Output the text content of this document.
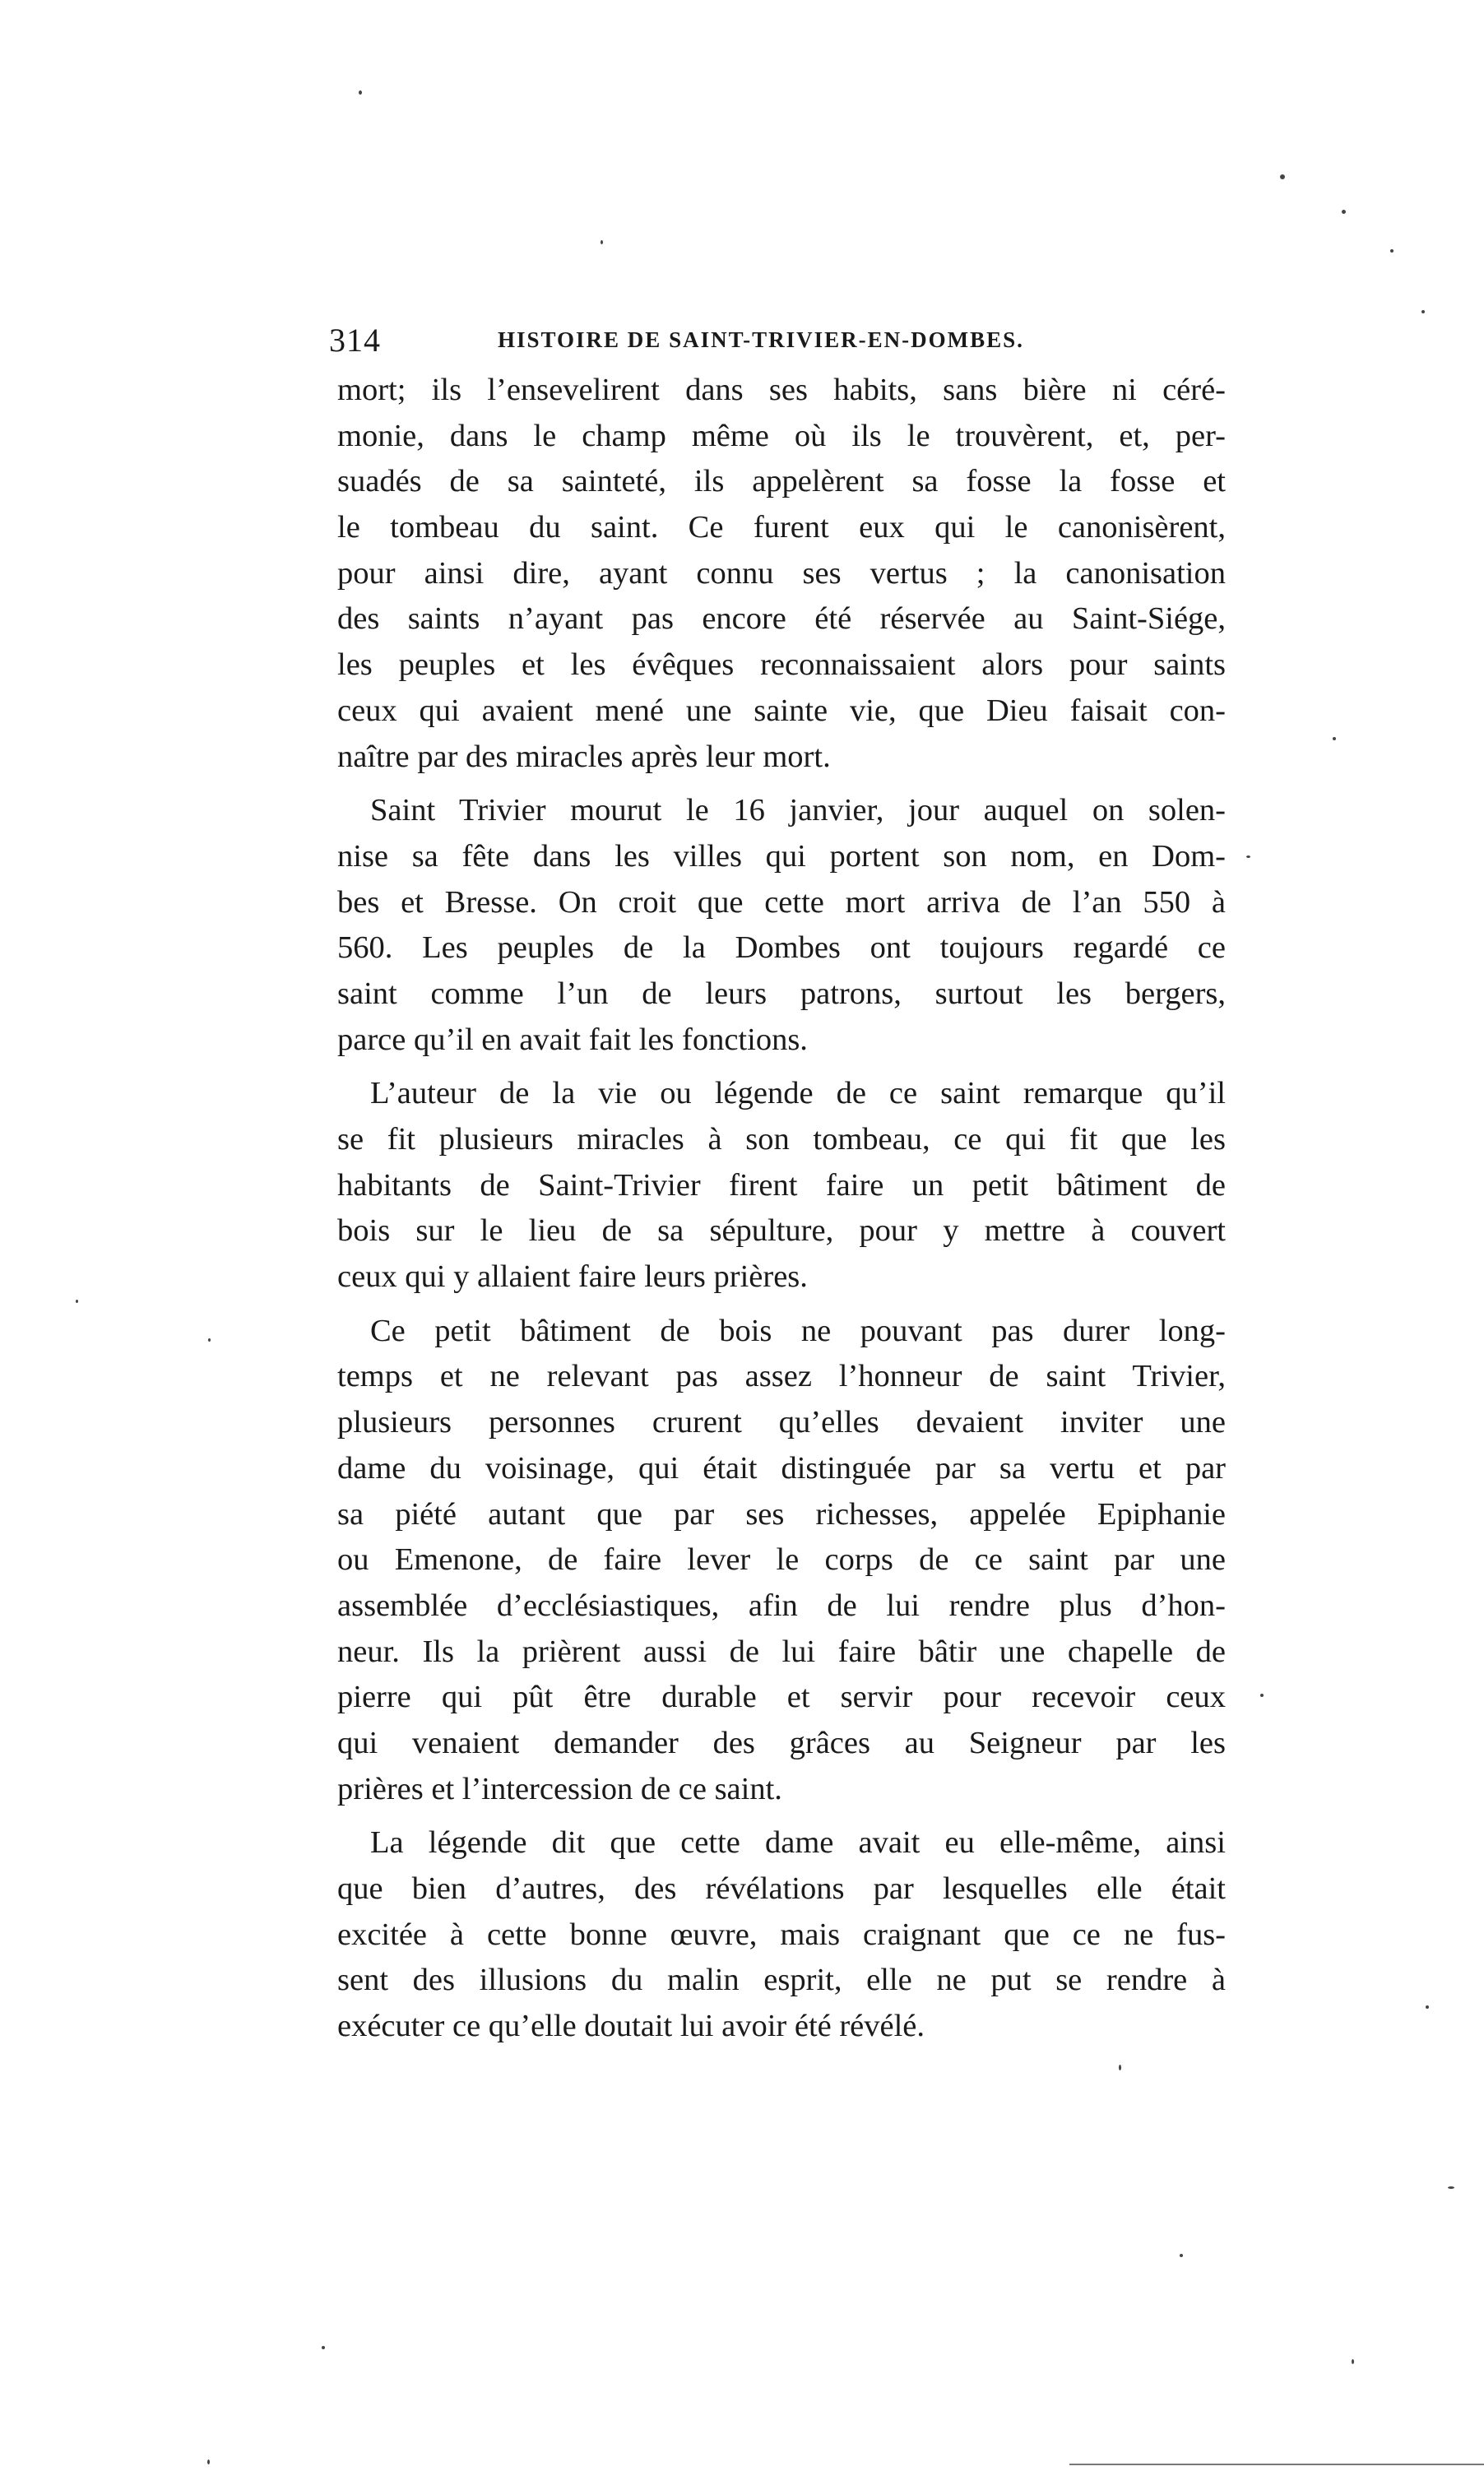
314	HISTOIRE DE SAINT-TRIVIER-EN-DOMBES.
mort; ils l’ensevelirent dans ses habits, sans bière ni céré-
monie, dans le champ même où ils le trouvèrent, et, per-
suadés de sa sainteté, ils appelèrent sa fosse la fosse et
le tombeau du saint. Ce furent eux qui le canonisèrent,
pour ainsi dire, ayant connu ses vertus ; la canonisation
des saints n’ayant pas encore été réservée au Saint-Siége,
les peuples et les évêques reconnaissaient alors pour saints
ceux qui avaient mené une sainte vie, que Dieu faisait con-
naître par des miracles après leur mort.
Saint Trivier mourut le 16 janvier, jour auquel on solen-
nise sa fête dans les villes qui portent son nom, en Dom-
bes et Bresse. On croit que cette mort arriva de l’an 550 à
560. Les peuples de la Dombes ont toujours regardé ce
saint comme l’un de leurs patrons, surtout les bergers,
parce qu’il en avait fait les fonctions.
L’auteur de la vie ou légende de ce saint remarque qu’il
se fit plusieurs miracles à son tombeau, ce qui fit que les
habitants de Saint-Trivier firent faire un petit bâtiment de
bois sur le lieu de sa sépulture, pour y mettre à couvert
ceux qui y allaient faire leurs prières.
Ce petit bâtiment de bois ne pouvant pas durer long-
temps et ne relevant pas assez l’honneur de saint Trivier,
plusieurs personnes crurent qu’elles devaient inviter une
dame du voisinage, qui était distinguée par sa vertu et par
sa piété autant que par ses richesses, appelée Epiphanie
ou Emenone, de faire lever le corps de ce saint par une
assemblée d’ecclésiastiques, afin de lui rendre plus d’hon-
neur. Ils la prièrent aussi de lui faire bâtir une chapelle de
pierre qui pût être durable et servir pour recevoir ceux
qui venaient demander des grâces au Seigneur par les
prières et l’intercession de ce saint.
La légende dit que cette dame avait eu elle-même, ainsi
que bien d’autres, des révélations par lesquelles elle était
excitée à cette bonne œuvre, mais craignant que ce ne fus-
sent des illusions du malin esprit, elle ne put se rendre à
exécuter ce qu’elle doutait lui avoir été révélé.
